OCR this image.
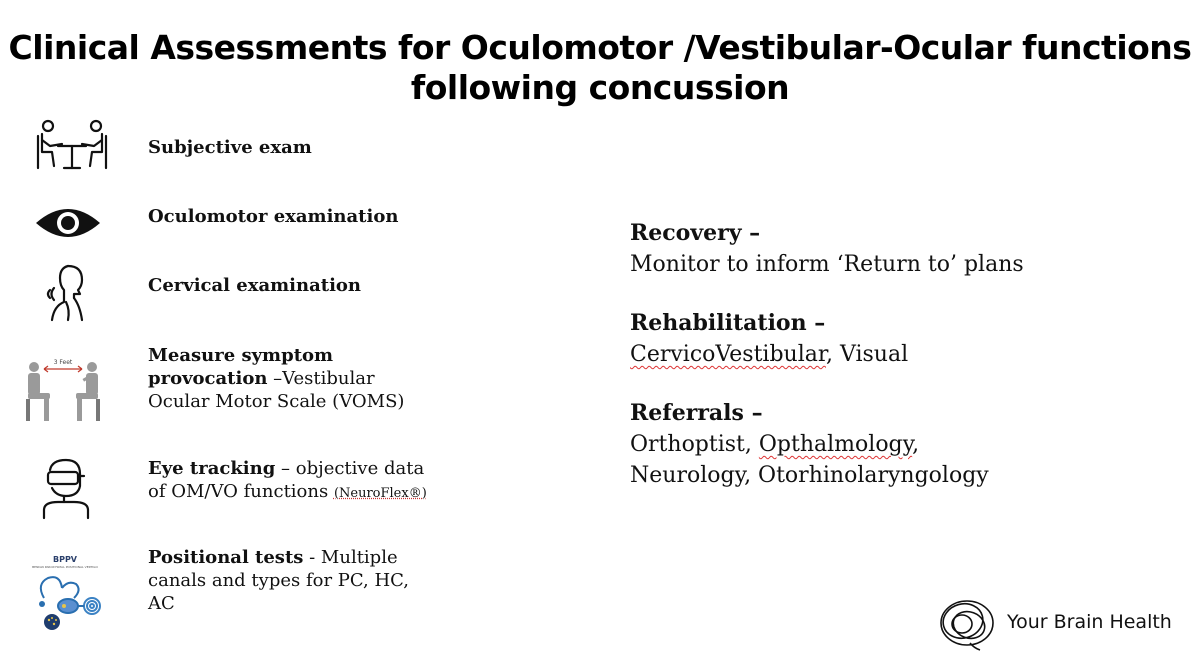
Clinical Assessments for Oculomotor /Vestibular-Ocular functions
following concussion
Subjective exam
Oculomotor examination
Cervical examination
3 Feet	Measure symptom
provocation –Vestibular
Ocular Motor Scale (VOMS)
Eye tracking – objective data
of OM/VO functions (NeuroFlex®)
BPPV
BENIGN PAROXYSMAL POSITIONAL VERTIGO	Positional tests - Multiple
canals and types for PC, HC,
AC
Recovery –
Monitor to inform ‘Return to’ plans
Rehabilitation –
CervicoVestibular, Visual
Referrals –
Orthoptist, Opthalmology,
Neurology, Otorhinolaryngology
Your Brain Health
